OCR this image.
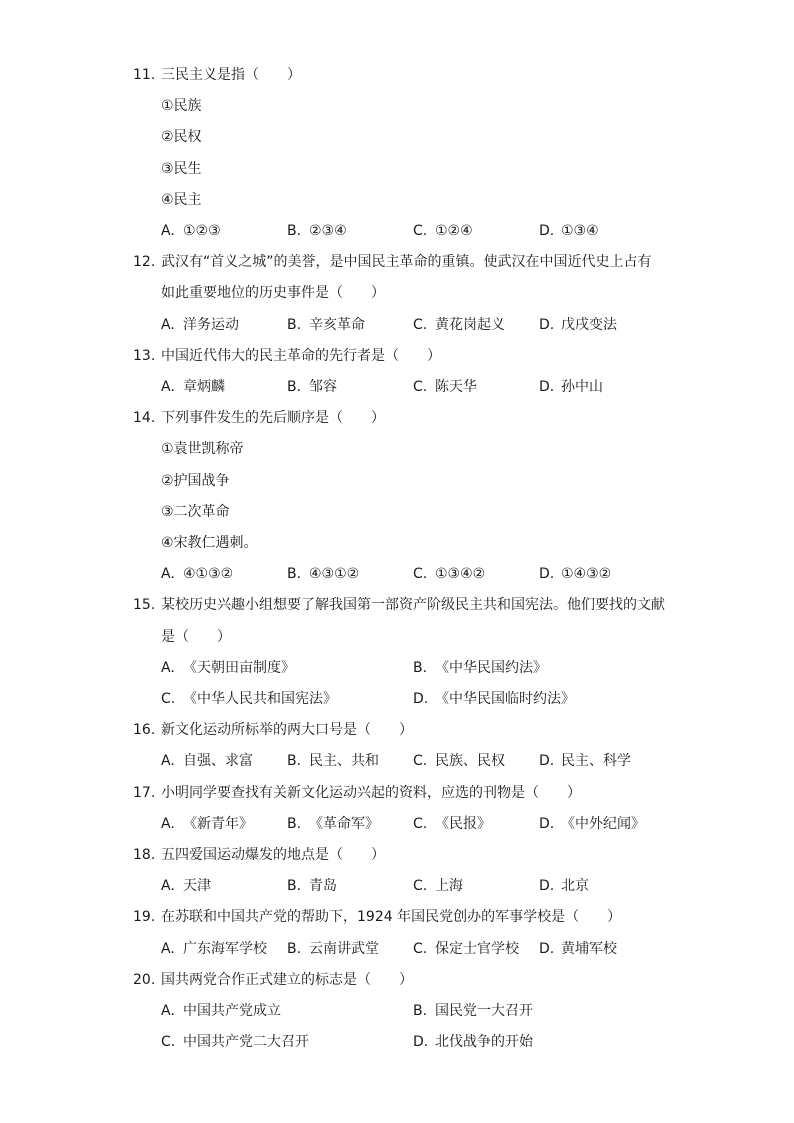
11. 三民主义是指（　　）
①民族
②民权
③民生
④民主
A. ①②③	B. ②③④	C. ①②④	D. ①③④
12. 武汉有“首义之城”的美誉，是中国民主革命的重镇。使武汉在中国近代史上占有
如此重要地位的历史事件是（　　）
A. 洋务运动	B. 辛亥革命	C. 黄花岗起义 D. 戊戌变法
13. 中国近代伟大的民主革命的先行者是（　　）
A. 章炳麟	B. 邹容	C. 陈天华	D. 孙中山
14. 下列事件发生的先后顺序是（　　）
①袁世凯称帝
②护国战争
③二次革命
④宋教仁遇刺。
A. ④①③②	B. ④③①②	C. ①③④②	D. ①④③②
15. 某校历史兴趣小组想要了解我国第一部资产阶级民主共和国宪法。他们要找的文献
是（　　）
A. 《天朝田亩制度》	B. 《中华民国约法》
C. 《中华人民共和国宪法》	D. 《中华民国临时约法》
16. 新文化运动所标举的两大口号是（　　）
A. 自强、求富 B. 民主、共和 C. 民族、民权 D. 民主、科学
17. 小明同学要查找有关新文化运动兴起的资料，应选的刊物是（　　）
A. 《新青年》 B. 《革命军》 C. 《民报》	D. 《中外纪闻》
18. 五四爱国运动爆发的地点是（　　）
A. 天津	B. 青岛	C. 上海	D. 北京
19. 在苏联和中国共产党的帮助下，1924 年国民党创办的军事学校是（　　）
A. 广东海军学校 B. 云南讲武堂 C. 保定士官学校 D. 黄埔军校
20. 国共两党合作正式建立的标志是（　　）
A. 中国共产党成立	B. 国民党一大召开
C. 中国共产党二大召开	D. 北伐战争的开始
